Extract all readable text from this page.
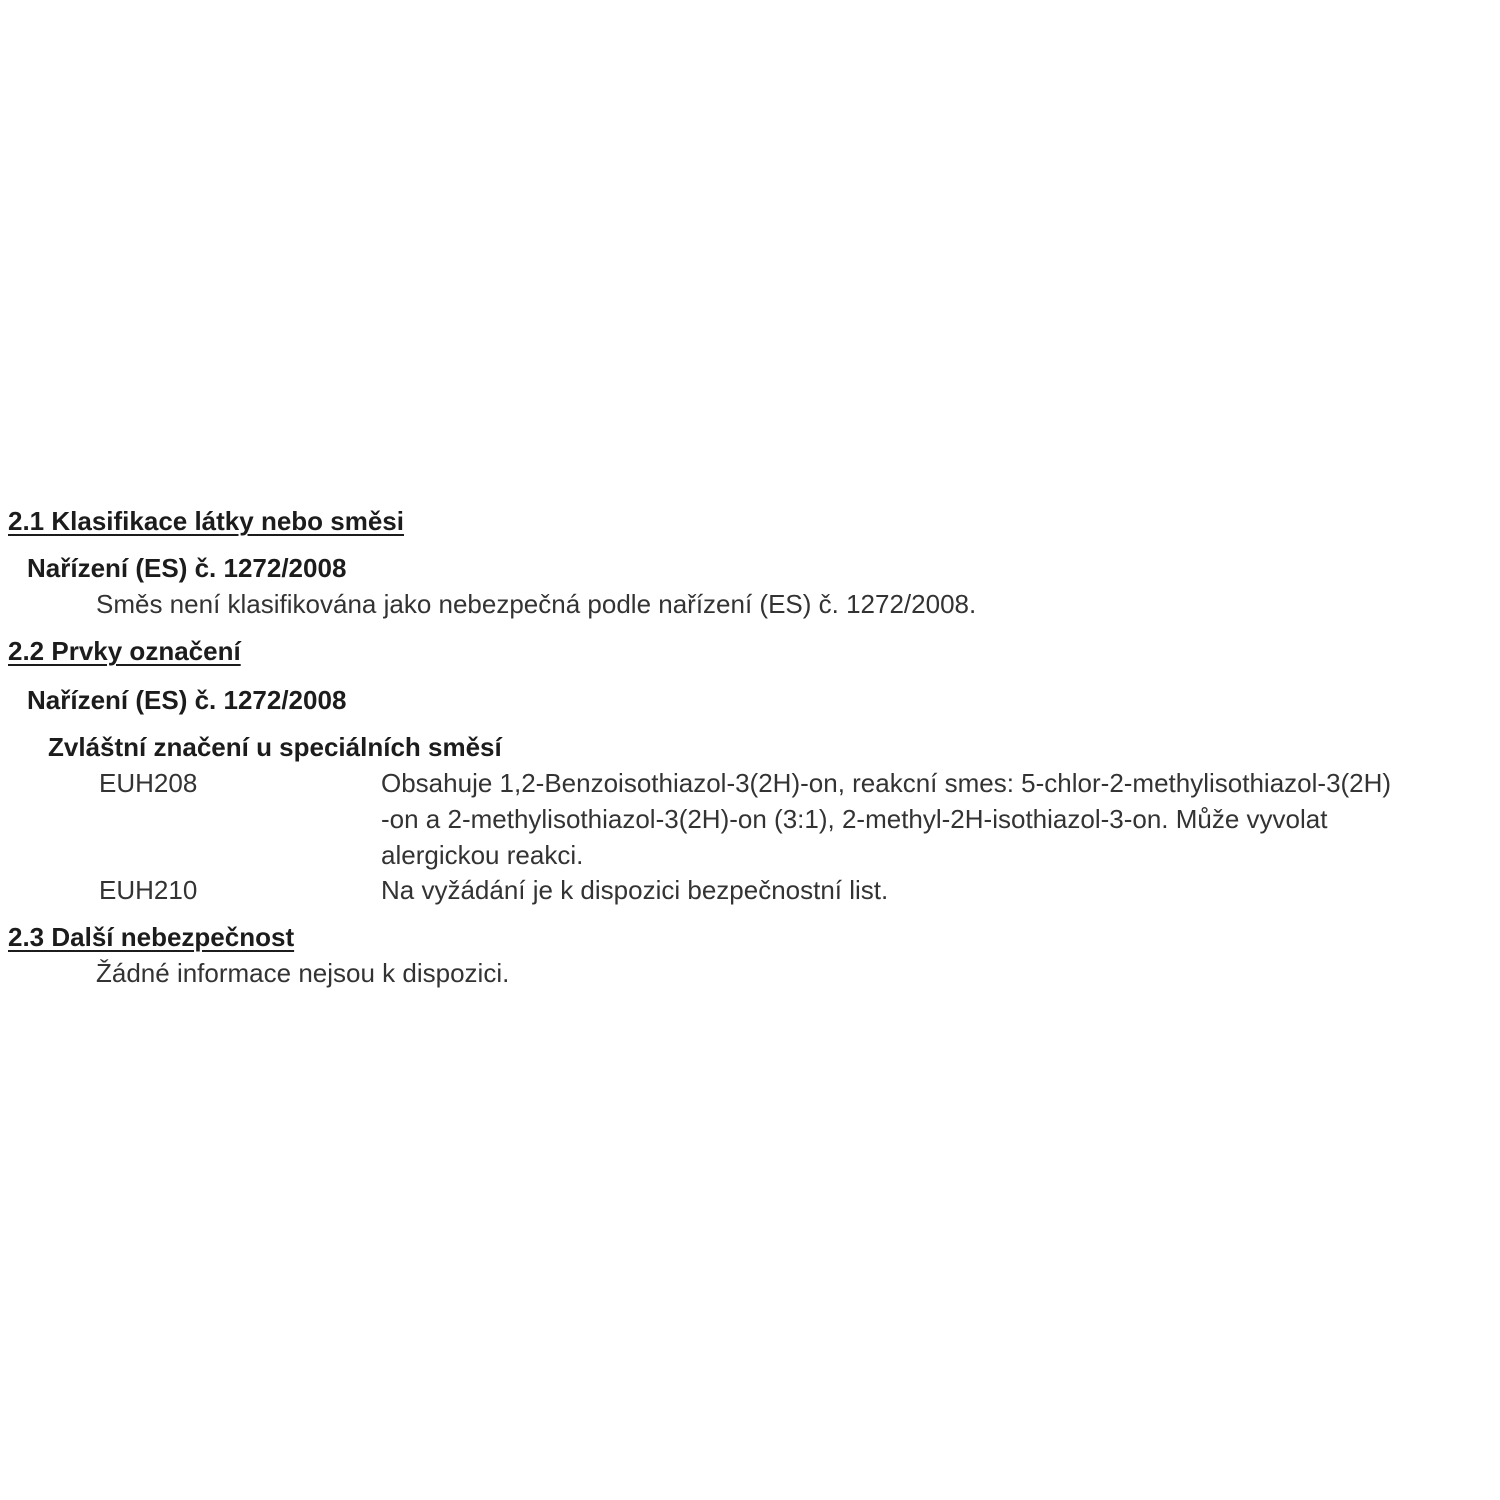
2.1 Klasifikace látky nebo směsi
Nařízení (ES) č. 1272/2008
Směs není klasifikována jako nebezpečná podle nařízení (ES) č. 1272/2008.
2.2 Prvky označení
Nařízení (ES) č. 1272/2008
Zvláštní značení u speciálních směsí
EUH208	Obsahuje 1,2-Benzoisothiazol-3(2H)-on, reakcní smes: 5-chlor-2-methylisothiazol-3(2H)
-on a 2-methylisothiazol-3(2H)-on (3:1), 2-methyl-2H-isothiazol-3-on. Může vyvolat
alergickou reakci.
EUH210	Na vyžádání je k dispozici bezpečnostní list.
2.3 Další nebezpečnost
Žádné informace nejsou k dispozici.
